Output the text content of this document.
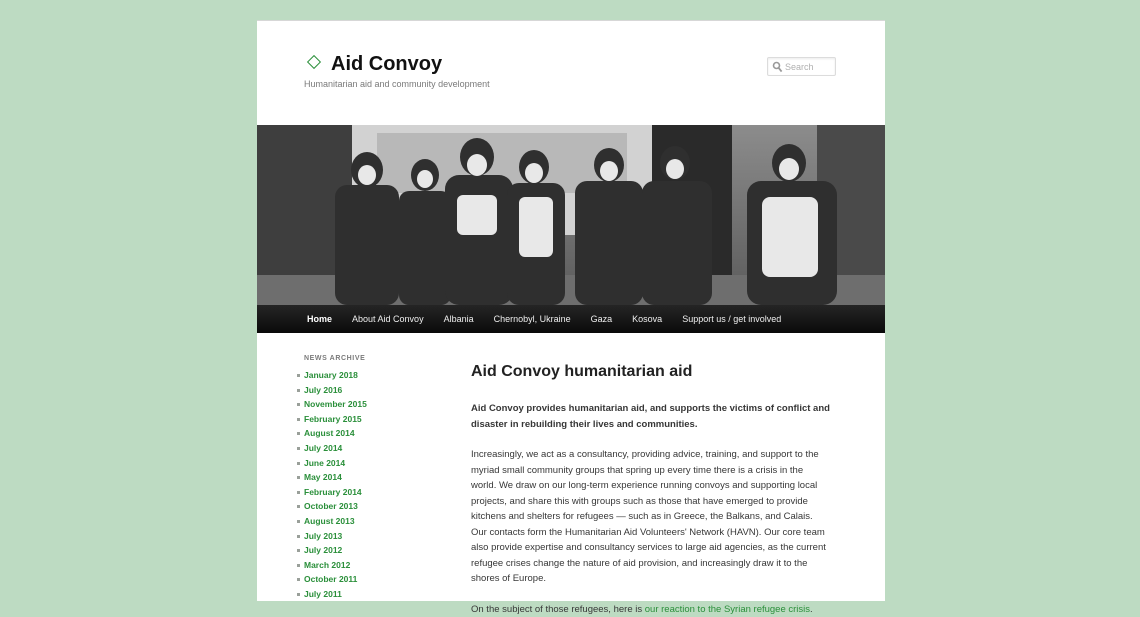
Aid Convoy

Humanitarian aid and community development

Search
Home	About Aid Convoy	Albania	Chernobyl, Ukraine	Gaza	Kosova	Support us / get involved
NEWS ARCHIVE
January 2018
July 2016
November 2015
February 2015
August 2014
July 2014
June 2014
May 2014
February 2014
October 2013
August 2013
July 2013
July 2012
March 2012
October 2011
July 2011
Aid Convoy humanitarian aid

Aid Convoy provides humanitarian aid, and supports the victims of conflict and disaster in rebuilding their lives and communities.

Increasingly, we act as a consultancy, providing advice, training, and support to the myriad small community groups that spring up every time there is a crisis in the world. We draw on our long-term experience running convoys and supporting local projects, and share this with groups such as those that have emerged to provide kitchens and shelters for refugees — such as in Greece, the Balkans, and Calais. Our contacts form the Humanitarian Aid Volunteers' Network (HAVN). Our core team also provide expertise and consultancy services to large aid agencies, as the current refugee crises change the nature of aid provision, and increasingly draw it to the shores of Europe.

On the subject of those refugees, here is our reaction to the Syrian refugee crisis.
